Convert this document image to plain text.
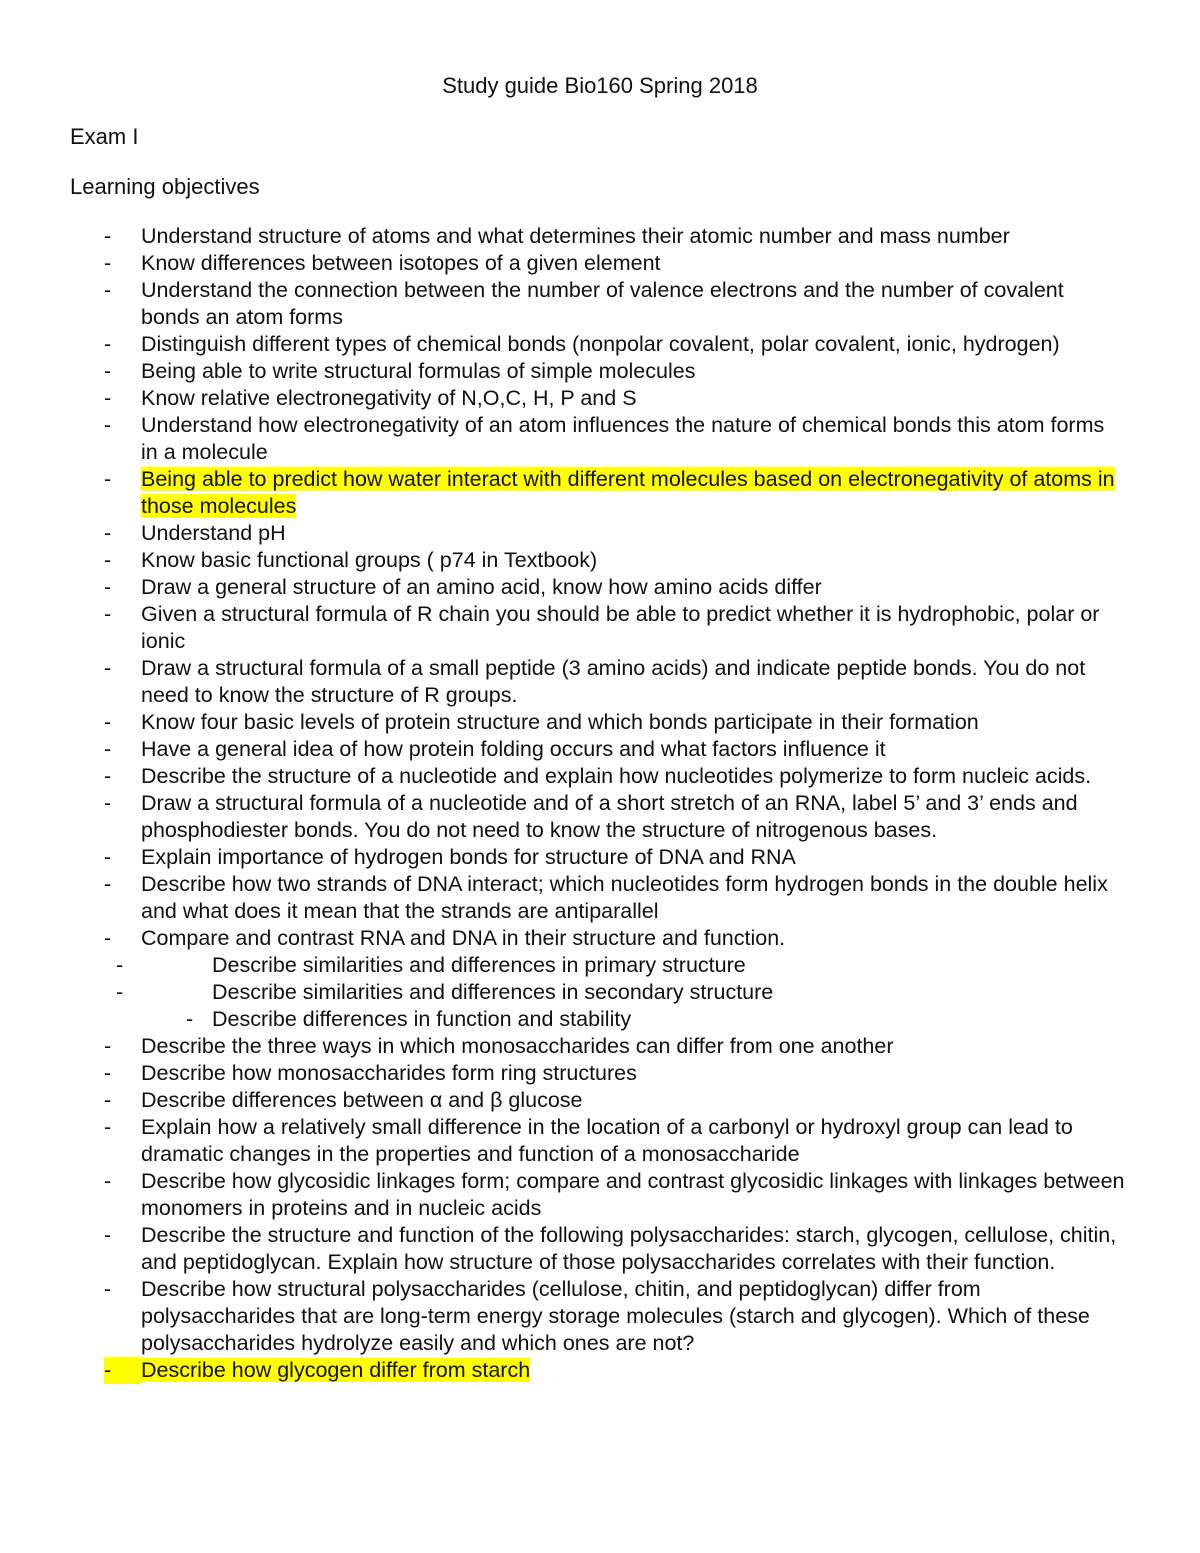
Study guide Bio160 Spring 2018
Exam I
Learning objectives
- Understand structure of atoms and what determines their atomic number and mass number
- Know differences between isotopes of a given element
- Understand the connection between the number of valence electrons and the number of covalent bonds an atom forms
- Distinguish different types of chemical bonds (nonpolar covalent, polar covalent, ionic, hydrogen)
- Being able to write structural formulas of simple molecules
- Know relative electronegativity of N,O,C, H, P and S
- Understand how electronegativity of an atom influences the nature of chemical bonds this atom forms in a molecule
- Being able to predict how water interact with different molecules based on electronegativity of atoms in those molecules
- Understand pH
- Know basic functional groups ( p74 in Textbook)
- Draw a general structure of an amino acid, know how amino acids differ
- Given a structural formula of R chain you should be able to predict whether it is hydrophobic, polar or ionic
- Draw a structural formula of a small peptide (3 amino acids) and indicate peptide bonds. You do not need to know the structure of R groups.
- Know four basic levels of protein structure and which bonds participate in their formation
- Have a general idea of how protein folding occurs and what factors influence it
- Describe the structure of a nucleotide and explain how nucleotides polymerize to form nucleic acids.
- Draw a structural formula of a nucleotide and of a short stretch of an RNA, label 5’ and 3’ ends and phosphodiester bonds. You do not need to know the structure of nitrogenous bases.
- Explain importance of hydrogen bonds for structure of DNA and RNA
- Describe how two strands of DNA interact; which nucleotides form hydrogen bonds in the double helix and what does it mean that the strands are antiparallel
- Compare and contrast RNA and DNA in their structure and function.
-	Describe similarities and differences in primary structure
-	Describe similarities and differences in secondary structure
- Describe differences in function and stability
- Describe the three ways in which monosaccharides can differ from one another
- Describe how monosaccharides form ring structures
- Describe differences between α and β glucose
- Explain how a relatively small difference in the location of a carbonyl or hydroxyl group can lead to dramatic changes in the properties and function of a monosaccharide
- Describe how glycosidic linkages form; compare and contrast glycosidic linkages with linkages between monomers in proteins and in nucleic acids
- Describe the structure and function of the following polysaccharides: starch, glycogen, cellulose, chitin, and peptidoglycan. Explain how structure of those polysaccharides correlates with their function.
- Describe how structural polysaccharides (cellulose, chitin, and peptidoglycan) differ from polysaccharides that are long-term energy storage molecules (starch and glycogen). Which of these polysaccharides hydrolyze easily and which ones are not?
-	Describe how glycogen differ from starch
